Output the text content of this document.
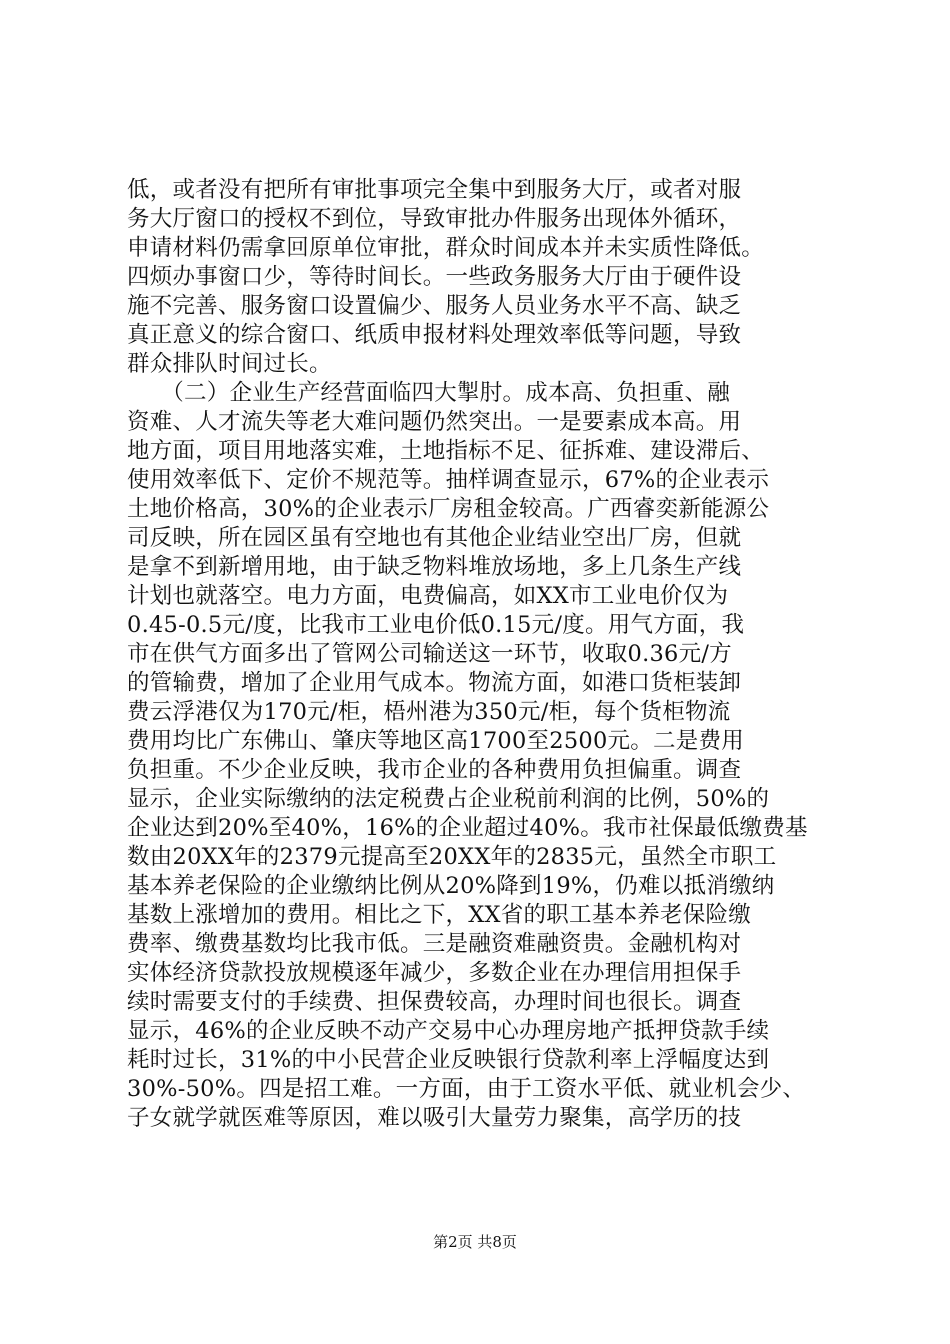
低，或者没有把所有审批事项完全集中到服务大厅，或者对服
务大厅窗口的授权不到位，导致审批办件服务出现体外循环，
申请材料仍需拿回原单位审批，群众时间成本并未实质性降低。
四烦办事窗口少，等待时间长。一些政务服务大厅由于硬件设
施不完善、服务窗口设置偏少、服务人员业务水平不高、缺乏
真正意义的综合窗口、纸质申报材料处理效率低等问题，导致
群众排队时间过长。
　　（二）企业生产经营面临四大掣肘。成本高、负担重、融
资难、人才流失等老大难问题仍然突出。一是要素成本高。用
地方面，项目用地落实难，土地指标不足、征拆难、建设滞后、
使用效率低下、定价不规范等。抽样调查显示，67%的企业表示
土地价格高，30%的企业表示厂房租金较高。广西睿奕新能源公
司反映，所在园区虽有空地也有其他企业结业空出厂房，但就
是拿不到新增用地，由于缺乏物料堆放场地，多上几条生产线
计划也就落空。电力方面，电费偏高，如XX市工业电价仅为
0.45-0.5元/度，比我市工业电价低0.15元/度。用气方面，我
市在供气方面多出了管网公司输送这一环节，收取0.36元/方
的管输费，增加了企业用气成本。物流方面，如港口货柜装卸
费云浮港仅为170元/柜，梧州港为350元/柜，每个货柜物流
费用均比广东佛山、肇庆等地区高1700至2500元。二是费用
负担重。不少企业反映，我市企业的各种费用负担偏重。调查
显示，企业实际缴纳的法定税费占企业税前利润的比例，50%的
企业达到20%至40%，16%的企业超过40%。我市社保最低缴费基
数由20XX年的2379元提高至20XX年的2835元，虽然全市职工
基本养老保险的企业缴纳比例从20%降到19%，仍难以抵消缴纳
基数上涨增加的费用。相比之下，XX省的职工基本养老保险缴
费率、缴费基数均比我市低。三是融资难融资贵。金融机构对
实体经济贷款投放规模逐年减少，多数企业在办理信用担保手
续时需要支付的手续费、担保费较高，办理时间也很长。调查
显示，46%的企业反映不动产交易中心办理房地产抵押贷款手续
耗时过长，31%的中小民营企业反映银行贷款利率上浮幅度达到
30%-50%。四是招工难。一方面，由于工资水平低、就业机会少、
子女就学就医难等原因，难以吸引大量劳力聚集，高学历的技
第2页 共8页
